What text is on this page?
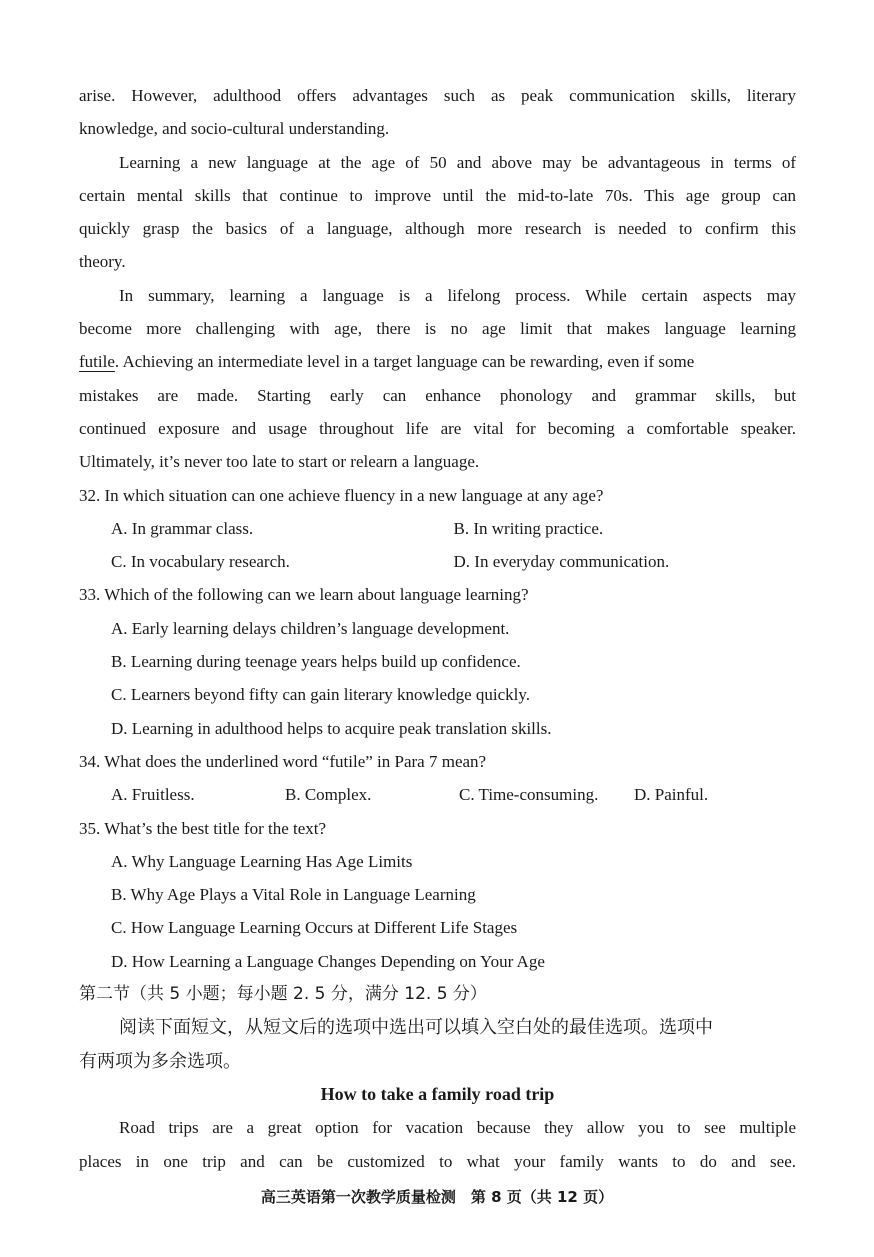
arise. However, adulthood offers advantages such as peak communication skills, literary
knowledge, and socio-cultural understanding.
Learning a new language at the age of 50 and above may be advantageous in terms of
certain mental skills that continue to improve until the mid-to-late 70s. This age group can
quickly grasp the basics of a language, although more research is needed to confirm this
theory.
In summary, learning a language is a lifelong process. While certain aspects may
become more challenging with age, there is no age limit that makes language learning
futile. Achieving an intermediate level in a target language can be rewarding, even if some
mistakes are made. Starting early can enhance phonology and grammar skills, but
continued exposure and usage throughout life are vital for becoming a comfortable speaker.
Ultimately, it’s never too late to start or relearn a language.
32. In which situation can one achieve fluency in a new language at any age?
A. In grammar class.	B. In writing practice.
C. In vocabulary research.	D. In everyday communication.
33. Which of the following can we learn about language learning?
A. Early learning delays children’s language development.
B. Learning during teenage years helps build up confidence.
C. Learners beyond fifty can gain literary knowledge quickly.
D. Learning in adulthood helps to acquire peak translation skills.
34. What does the underlined word “futile” in Para 7 mean?
A. Fruitless.	B. Complex.	C. Time-consuming.	D. Painful.
35. What’s the best title for the text?
A. Why Language Learning Has Age Limits
B. Why Age Plays a Vital Role in Language Learning
C. How Language Learning Occurs at Different Life Stages
D. How Learning a Language Changes Depending on Your Age
第二节（共 5 小题；每小题 2. 5 分，满分 12. 5 分）
阅读下面短文，从短文后的选项中选出可以填入空白处的最佳选项。选项中
有两项为多余选项。
How to take a family road trip
Road trips are a great option for vacation because they allow you to see multiple
places in one trip and can be customized to what your family wants to do and see.
高三英语第一次教学质量检测　第 8 页（共 12 页）
